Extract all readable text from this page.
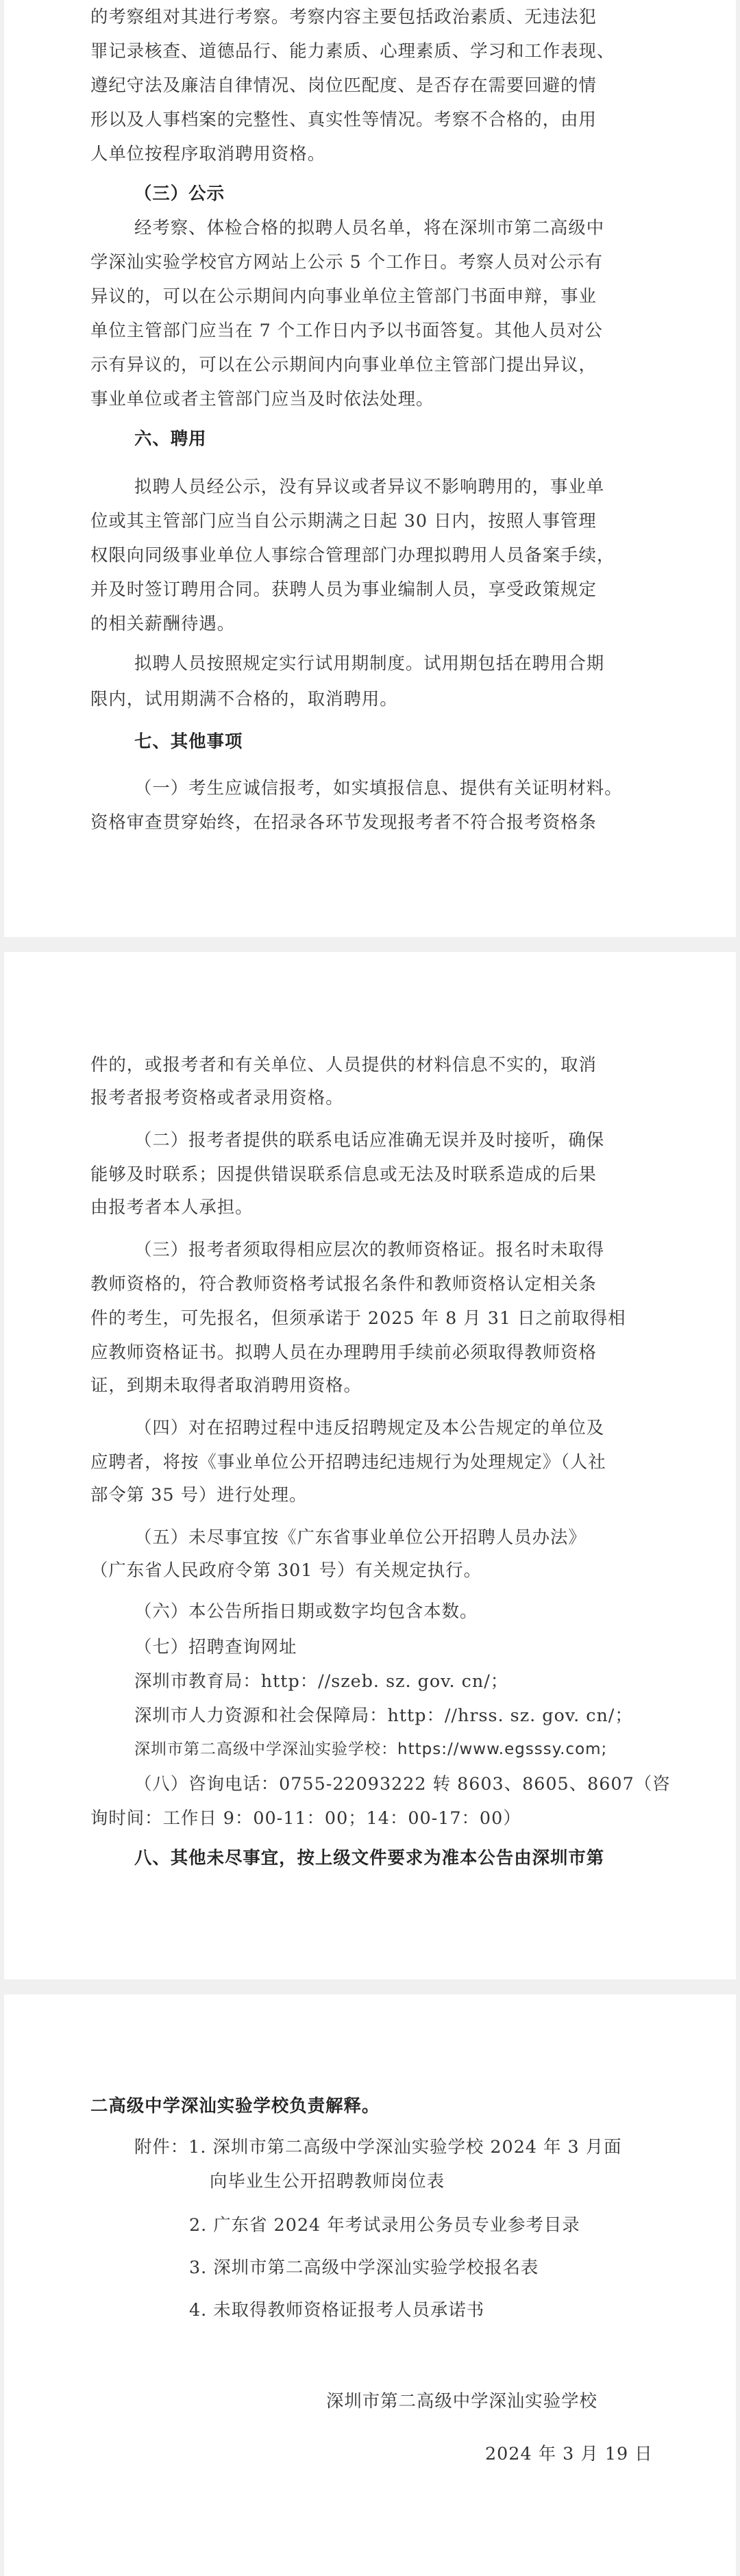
的考察组对其进行考察。考察内容主要包括政治素质、无违法犯
罪记录核查、道德品行、能力素质、心理素质、学习和工作表现、
遵纪守法及廉洁自律情况、岗位匹配度、是否存在需要回避的情
形以及人事档案的完整性、真实性等情况。考察不合格的，由用
人单位按程序取消聘用资格。
（三）公示
经考察、体检合格的拟聘人员名单，将在深圳市第二高级中
学深汕实验学校官方网站上公示 5 个工作日。考察人员对公示有
异议的，可以在公示期间内向事业单位主管部门书面申辩，事业
单位主管部门应当在 7 个工作日内予以书面答复。其他人员对公
示有异议的，可以在公示期间内向事业单位主管部门提出异议，
事业单位或者主管部门应当及时依法处理。
六、聘用
拟聘人员经公示，没有异议或者异议不影响聘用的，事业单
位或其主管部门应当自公示期满之日起 30 日内，按照人事管理
权限向同级事业单位人事综合管理部门办理拟聘用人员备案手续，
并及时签订聘用合同。获聘人员为事业编制人员，享受政策规定
的相关薪酬待遇。
拟聘人员按照规定实行试用期制度。试用期包括在聘用合期
限内，试用期满不合格的，取消聘用。
七、其他事项
（一）考生应诚信报考，如实填报信息、提供有关证明材料。
资格审查贯穿始终，在招录各环节发现报考者不符合报考资格条
件的，或报考者和有关单位、人员提供的材料信息不实的，取消
报考者报考资格或者录用资格。
（二）报考者提供的联系电话应准确无误并及时接听，确保
能够及时联系；因提供错误联系信息或无法及时联系造成的后果
由报考者本人承担。
（三）报考者须取得相应层次的教师资格证。报名时未取得
教师资格的，符合教师资格考试报名条件和教师资格认定相关条
件的考生，可先报名，但须承诺于 2025 年 8 月 31 日之前取得相
应教师资格证书。拟聘人员在办理聘用手续前必须取得教师资格
证，到期未取得者取消聘用资格。
（四）对在招聘过程中违反招聘规定及本公告规定的单位及
应聘者，将按《事业单位公开招聘违纪违规行为处理规定》（人社
部令第 35 号）进行处理。
（五）未尽事宜按《广东省事业单位公开招聘人员办法》
（广东省人民政府令第 301 号）有关规定执行。
（六）本公告所指日期或数字均包含本数。
（七）招聘查询网址
深圳市教育局：http：//szeb. sz. gov. cn/；
深圳市人力资源和社会保障局：http：//hrss. sz. gov. cn/；
深圳市第二高级中学深汕实验学校：https://www.egsssy.com;
（八）咨询电话：0755-22093222 转 8603、8605、8607（咨
询时间：工作日 9：00-11：00；14：00-17：00）
八、其他未尽事宜，按上级文件要求为准本公告由深圳市第
二高级中学深汕实验学校负责解释。
附件：1. 深圳市第二高级中学深汕实验学校 2024 年 3 月面
向毕业生公开招聘教师岗位表
2. 广东省 2024 年考试录用公务员专业参考目录
3. 深圳市第二高级中学深汕实验学校报名表
4. 未取得教师资格证报考人员承诺书
深圳市第二高级中学深汕实验学校
2024 年 3 月 19 日
